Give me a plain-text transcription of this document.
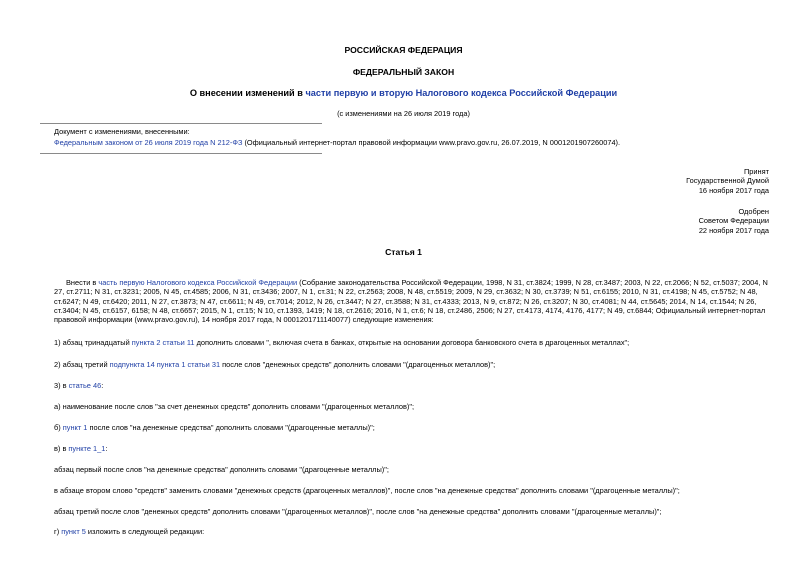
РОССИЙСКАЯ ФЕДЕРАЦИЯ
ФЕДЕРАЛЬНЫЙ ЗАКОН
О внесении изменений в части первую и вторую Налогового кодекса Российской Федерации
(с изменениями на 26 июля 2019 года)
Документ с изменениями, внесенными:
Федеральным законом от 26 июля 2019 года N 212-ФЗ (Официальный интернет-портал правовой информации www.pravo.gov.ru, 26.07.2019, N 0001201907260074).
Принят
Государственной Думой
16 ноября 2017 года
Одобрен
Советом Федерации
22 ноября 2017 года
Статья 1
Внести в часть первую Налогового кодекса Российской Федерации (Собрание законодательства Российской Федерации, 1998, N 31, ст.3824; 1999, N 28, ст.3487; 2003, N 22, ст.2066; N 52, ст.5037; 2004, N 27, ст.2711; N 31, ст.3231; 2005, N 45, ст.4585; 2006, N 31, ст.3436; 2007, N 1, ст.31; N 22, ст.2563; 2008, N 48, ст.5519; 2009, N 29, ст.3632; N 30, ст.3739; N 51, ст.6155; 2010, N 31, ст.4198; N 45, ст.5752; N 48, ст.6247; N 49, ст.6420; 2011, N 27, ст.3873; N 47, ст.6611; N 49, ст.7014; 2012, N 26, ст.3447; N 27, ст.3588; N 31, ст.4333; 2013, N 9, ст.872; N 26, ст.3207; N 30, ст.4081; N 44, ст.5645; 2014, N 14, ст.1544; N 26, ст.3404; N 45, ст.6157, 6158; N 48, ст.6657; 2015, N 1, ст.15; N 10, ст.1393, 1419; N 18, ст.2616; 2016, N 1, ст.6; N 18, ст.2486, 2506; N 27, ст.4173, 4174, 4176, 4177; N 49, ст.6844; Официальный интернет-портал правовой информации (www.pravo.gov.ru), 14 ноября 2017 года, N 0001201711140077) следующие изменения:
1) абзац тринадцатый пункта 2 статьи 11 дополнить словами ", включая счета в банках, открытые на основании договора банковского счета в драгоценных металлах";
2) абзац третий подпункта 14 пункта 1 статьи 31 после слов "денежных средств" дополнить словами "(драгоценных металлов)";
3) в статье 46:
а) наименование после слов "за счет денежных средств" дополнить словами "(драгоценных металлов)";
б) пункт 1 после слов "на денежные средства" дополнить словами "(драгоценные металлы)";
в) в пункте 1_1:
абзац первый после слов "на денежные средства" дополнить словами "(драгоценные металлы)";
в абзаце втором слово "средств" заменить словами "денежных средств (драгоценных металлов)", после слов "на денежные средства" дополнить словами "(драгоценные металлы)";
абзац третий после слов "денежных средств" дополнить словами "(драгоценных металлов)", после слов "на денежные средства" дополнить словами "(драгоценные металлы)";
г) пункт 5 изложить в следующей редакции:
